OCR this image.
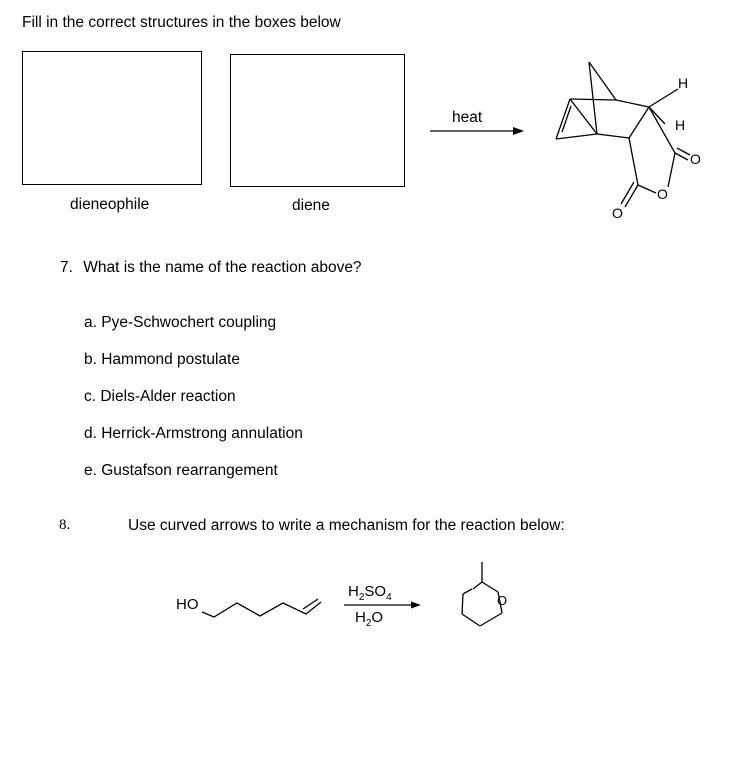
Fill in the correct structures in the boxes below
dieneophile	diene
heat
H
H
O
O
O
7. What is the name of the reaction above?
a. Pye-Schwochert coupling
b. Hammond postulate
c. Diels-Alder reaction
d. Herrick-Armstrong annulation
e. Gustafson rearrangement
8.	Use curved arrows to write a mechanism for the reaction below:
HO
$H_2SO_4$
$H_2O$
O
